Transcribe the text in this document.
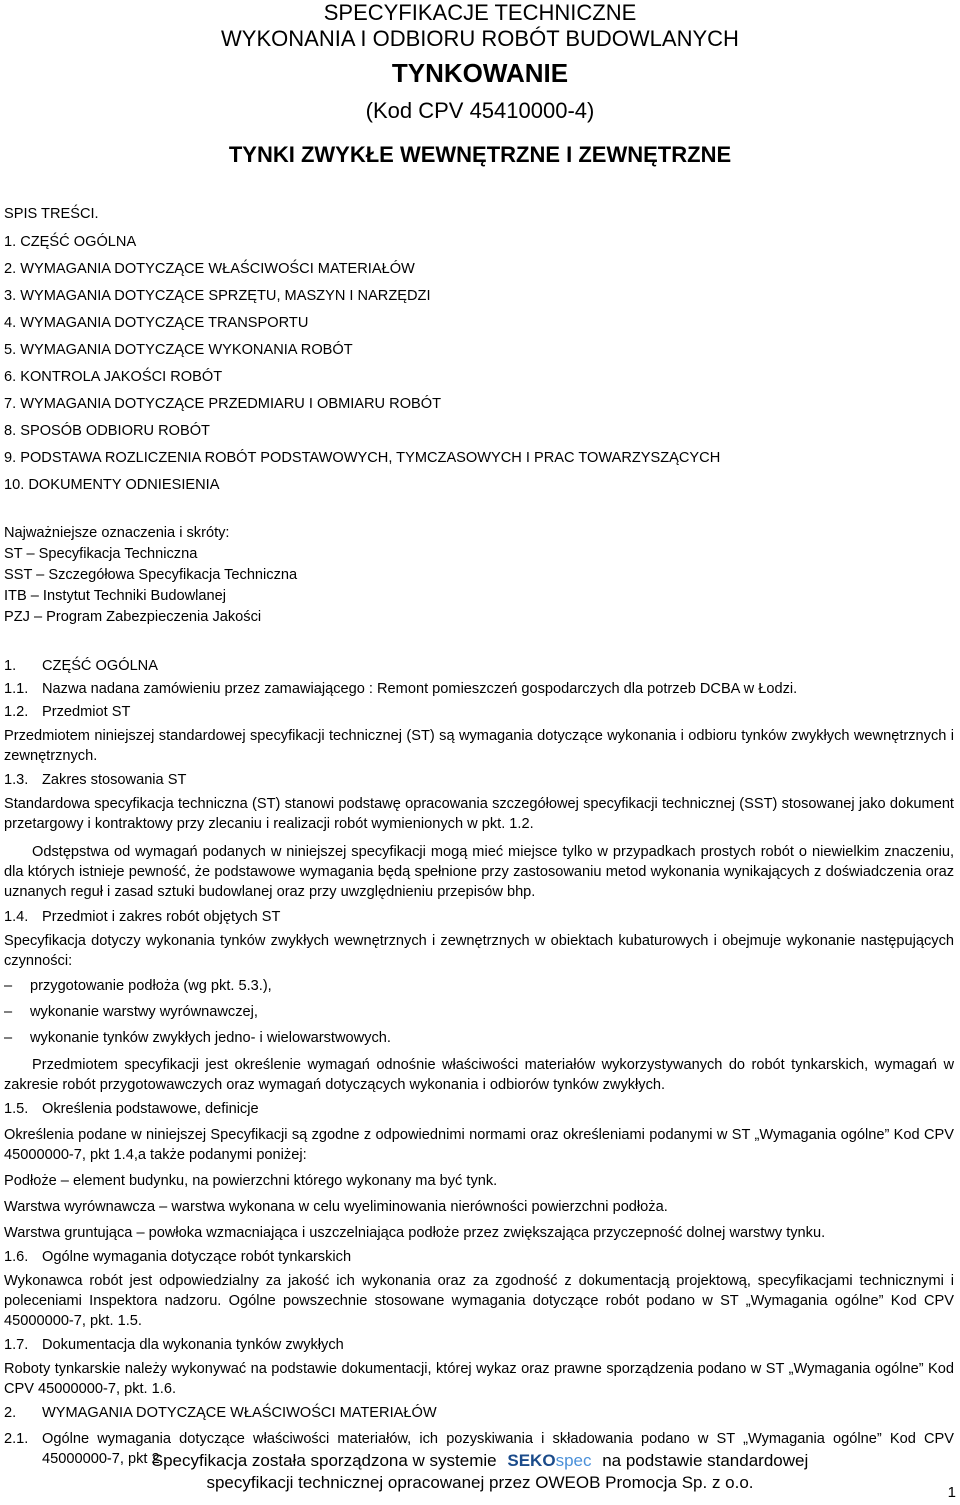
SPECYFIKACJE TECHNICZNE
WYKONANIA I ODBIORU ROBÓT BUDOWLANYCH
TYNKOWANIE
(Kod CPV 45410000-4)
TYNKI ZWYKŁE WEWNĘTRZNE I ZEWNĘTRZNE
SPIS TREŚCI.
1. CZĘŚĆ OGÓLNA
2. WYMAGANIA DOTYCZĄCE WŁAŚCIWOŚCI MATERIAŁÓW
3. WYMAGANIA DOTYCZĄCE SPRZĘTU, MASZYN I NARZĘDZI
4. WYMAGANIA DOTYCZĄCE TRANSPORTU
5. WYMAGANIA DOTYCZĄCE WYKONANIA ROBÓT
6. KONTROLA JAKOŚCI ROBÓT
7. WYMAGANIA DOTYCZĄCE PRZEDMIARU I OBMIARU ROBÓT
8. SPOSÓB ODBIORU ROBÓT
9. PODSTAWA ROZLICZENIA ROBÓT PODSTAWOWYCH, TYMCZASOWYCH I PRAC TOWARZYSZĄCYCH
10. DOKUMENTY ODNIESIENIA
Najważniejsze oznaczenia i skróty:
ST – Specyfikacja Techniczna
SST – Szczegółowa Specyfikacja Techniczna
ITB – Instytut Techniki Budowlanej
PZJ – Program Zabezpieczenia Jakości
1. CZĘŚĆ OGÓLNA
1.1. Nazwa nadana zamówieniu przez zamawiającego : Remont pomieszczeń gospodarczych dla potrzeb DCBA w Łodzi.
1.2. Przedmiot ST

Przedmiotem niniejszej standardowej specyfikacji technicznej (ST) są wymagania dotyczące wykonania i odbioru tynków zwykłych wewnętrznych i zewnętrznych.

1.3. Zakres stosowania ST

Standardowa specyfikacja techniczna (ST) stanowi podstawę opracowania szczegółowej specyfikacji technicznej (SST) stosowanej jako dokument przetargowy i kontraktowy przy zlecaniu i realizacji robót wymienionych w pkt. 1.2.

Odstępstwa od wymagań podanych w niniejszej specyfikacji mogą mieć miejsce tylko w przypadkach prostych robót o niewielkim znaczeniu, dla których istnieje pewność, że podstawowe wymagania będą spełnione przy zastosowaniu metod wykonania wynikających z doświadczenia oraz uznanych reguł i zasad sztuki budowlanej oraz przy uwzględnieniu przepisów bhp.

1.4. Przedmiot i zakres robót objętych ST

Specyfikacja dotyczy wykonania tynków zwykłych wewnętrznych i zewnętrznych w obiektach kubaturowych i obejmuje wykonanie następujących czynności:

–	przygotowanie podłoża (wg pkt. 5.3.),
–	wykonanie warstwy wyrównawczej,
–	wykonanie tynków zwykłych jedno- i wielowarstwowych.

Przedmiotem specyfikacji jest określenie wymagań odnośnie właściwości materiałów wykorzystywanych do robót tynkarskich, wymagań w zakresie robót przygotowawczych oraz wymagań dotyczących wykonania i odbiorów tynków zwykłych.

1.5. Określenia podstawowe, definicje

Określenia podane w niniejszej Specyfikacji są zgodne z odpowiednimi normami oraz określeniami podanymi w ST „Wymagania ogólne” Kod CPV 45000000-7, pkt 1.4,a także podanymi poniżej:

Podłoże – element budynku, na powierzchni którego wykonany ma być tynk.

Warstwa wyrównawcza – warstwa wykonana w celu wyeliminowania nierówności powierzchni podłoża.

Warstwa gruntująca – powłoka wzmacniająca i uszczelniająca podłoże przez zwiększająca przyczepność dolnej warstwy tynku.

1.6. Ogólne wymagania dotyczące robót tynkarskich

Wykonawca robót jest odpowiedzialny za jakość ich wykonania oraz za zgodność z dokumentacją projektową, specyfikacjami technicznymi i poleceniami Inspektora nadzoru. Ogólne powszechnie stosowane wymagania dotyczące robót podano w ST „Wymagania ogólne” Kod CPV 45000000-7, pkt. 1.5.

1.7. Dokumentacja dla wykonania tynków zwykłych

Roboty tynkarskie należy wykonywać na podstawie dokumentacji, której wykaz oraz prawne sporządzenia podano w ST „Wymagania ogólne” Kod CPV 45000000-7, pkt. 1.6.

2. WYMAGANIA DOTYCZĄCE WŁAŚCIWOŚCI MATERIAŁÓW
2.1. Ogólne wymagania dotyczące właściwości materiałów, ich pozyskiwania i składowania podano w ST „Wymagania ogólne” Kod CPV 45000000-7, pkt 2
Specyfikacja została sporządzona w systemie SEKOspec na podstawie standardowej
specyfikacji technicznej opracowanej przez OWEOB Promocja Sp. z o.o.
1
